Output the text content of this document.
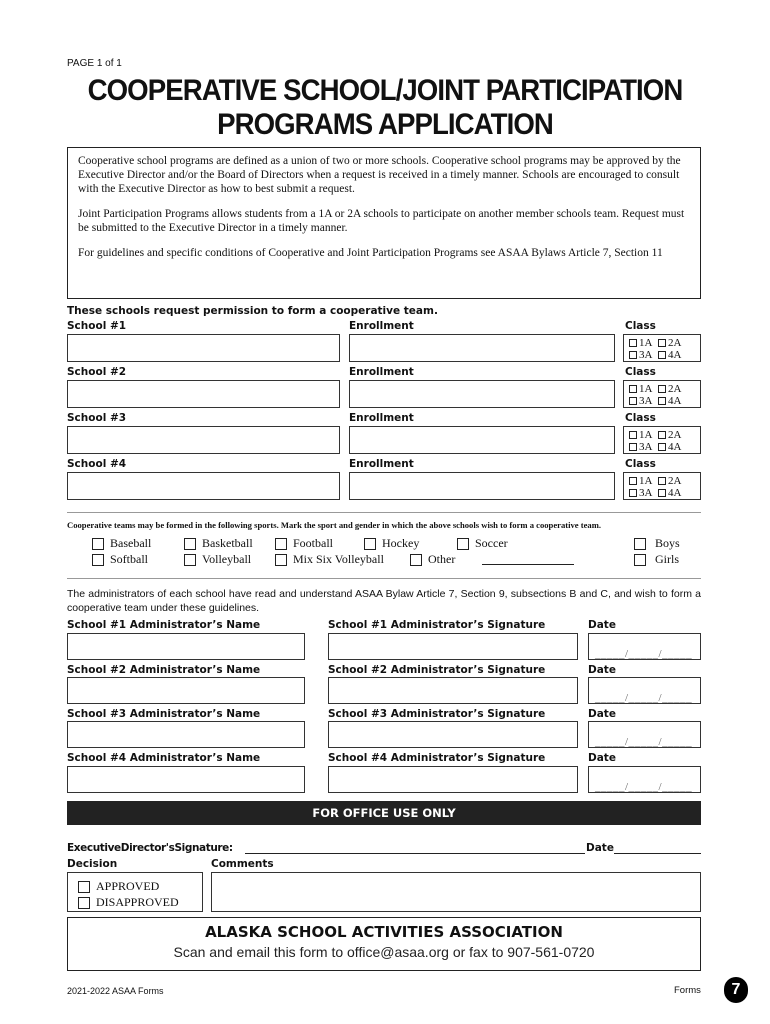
PAGE 1 of 1
COOPERATIVE SCHOOL/JOINT PARTICIPATION
PROGRAMS APPLICATION

Cooperative school programs are defined as a union of two or more schools. Cooperative school programs may be approved by the Executive Director and/or the Board of Directors when a request is received in a timely manner. Schools are encouraged to consult with the Executive Director as how to best submit a request.

Joint Participation Programs allows students from a 1A or 2A schools to participate on another member schools team. Request must be submitted to the Executive Director in a timely manner.

For guidelines and specific conditions of Cooperative and Joint Participation Programs see ASAA Bylaws Article 7, Section 11

These schools request permission to form a cooperative team.
School #1	Enrollment	Class
1A 2A
3A 4A
School #2	Enrollment	Class
1A 2A
3A 4A
School #3	Enrollment	Class
1A 2A
3A 4A
School #4	Enrollment	Class
1A 2A
3A 4A
Cooperative teams may be formed in the following sports. Mark the sport and gender in which the above schools wish to form a cooperative team.
Baseball	Basketball	Football	Hockey	Soccer	Boys
Softball	Volleyball	Mix Six Volleyball	Other	Girls
The administrators of each school have read and understand ASAA Bylaw Article 7, Section 9, subsections B and C, and wish to form a cooperative team under these guidelines.
School #1 Administrator’s Name	School #1 Administrator’s Signature	Date
_____/_____/_____
School #2 Administrator’s Name	School #2 Administrator’s Signature	Date
_____/_____/_____
School #3 Administrator’s Name	School #3 Administrator’s Signature	Date
_____/_____/_____
School #4 Administrator’s Name	School #4 Administrator’s Signature	Date
_____/_____/_____
FOR OFFICE USE ONLY
ExecutiveDirector'sSignature:	Date
Decision	Comments
APPROVED
DISAPPROVED
ALASKA SCHOOL ACTIVITIES ASSOCIATION
Scan and email this form to office@asaa.org or fax to 907-561-0720
2021-2022 ASAA Forms	Forms	7
